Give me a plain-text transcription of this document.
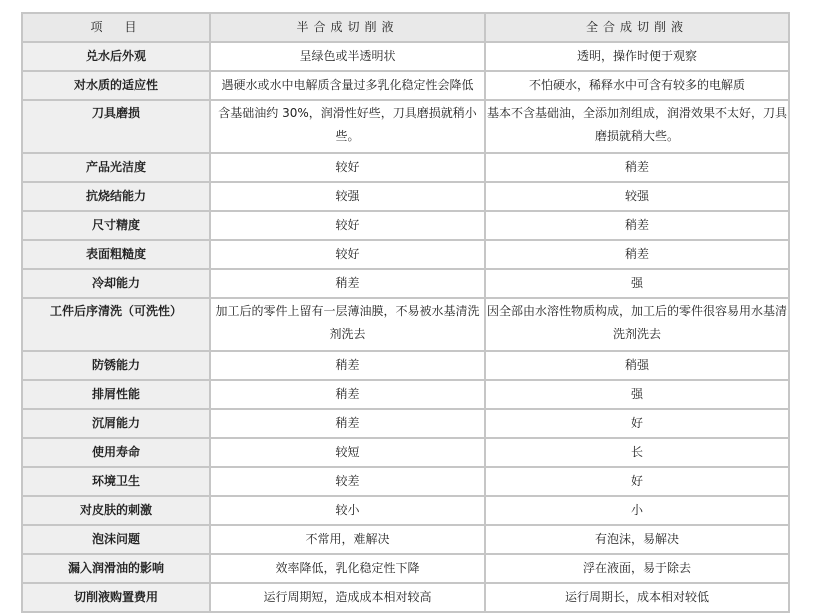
项　目	半合成切削液	全合成切削液
兑水后外观	呈绿色或半透明状	透明，操作时便于观察
对水质的适应性	遇硬水或水中电解质含量过多乳化稳定性会降低	不怕硬水，稀释水中可含有较多的电解质
刀具磨损	含基础油约 30%，润滑性好些，刀具磨损就稍小些。	基本不含基础油，全添加剂组成，润滑效果不太好，刀具磨损就稍大些。
产品光洁度	较好	稍差
抗烧结能力	较强	较强
尺寸精度	较好	稍差
表面粗糙度	较好	稍差
冷却能力	稍差	强
工件后序清洗（可洗性）	加工后的零件上留有一层薄油膜，不易被水基清洗剂洗去	因全部由水溶性物质构成，加工后的零件很容易用水基清洗剂洗去
防锈能力	稍差	稍强
排屑性能	稍差	强
沉屑能力	稍差	好
使用寿命	较短	长
环境卫生	较差	好
对皮肤的刺激	较小	小
泡沫问题	不常用，难解决	有泡沫，易解决
漏入润滑油的影响	效率降低，乳化稳定性下降	浮在液面，易于除去
切削液购置费用	运行周期短，造成成本相对较高	运行周期长，成本相对较低
